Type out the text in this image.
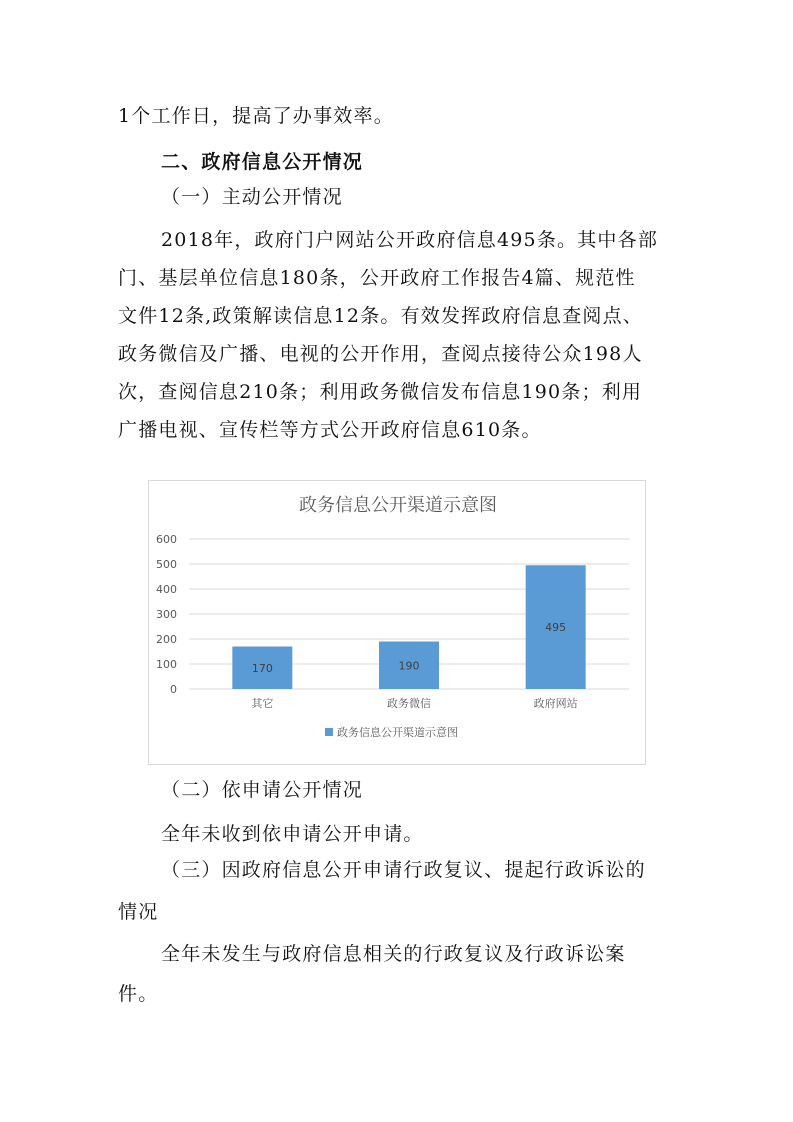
1个工作日，提高了办事效率。
二、政府信息公开情况
（一）主动公开情况
2018年，政府门户网站公开政府信息495条。其中各部
门、基层单位信息180条，公开政府工作报告4篇、规范性
文件12条,政策解读信息12条。有效发挥政府信息查阅点、
政务微信及广播、电视的公开作用，查阅点接待公众198人
次，查阅信息210条；利用政务微信发布信息190条；利用
广播电视、宣传栏等方式公开政府信息610条。
政务信息公开渠道示意图
0
100
200
300
400
500
600
170	190
495
其它	政务微信	政府网站
政务信息公开渠道示意图
（二）依申请公开情况
全年未收到依申请公开申请。
（三）因政府信息公开申请行政复议、提起行政诉讼的
情况
全年未发生与政府信息相关的行政复议及行政诉讼案
件。
